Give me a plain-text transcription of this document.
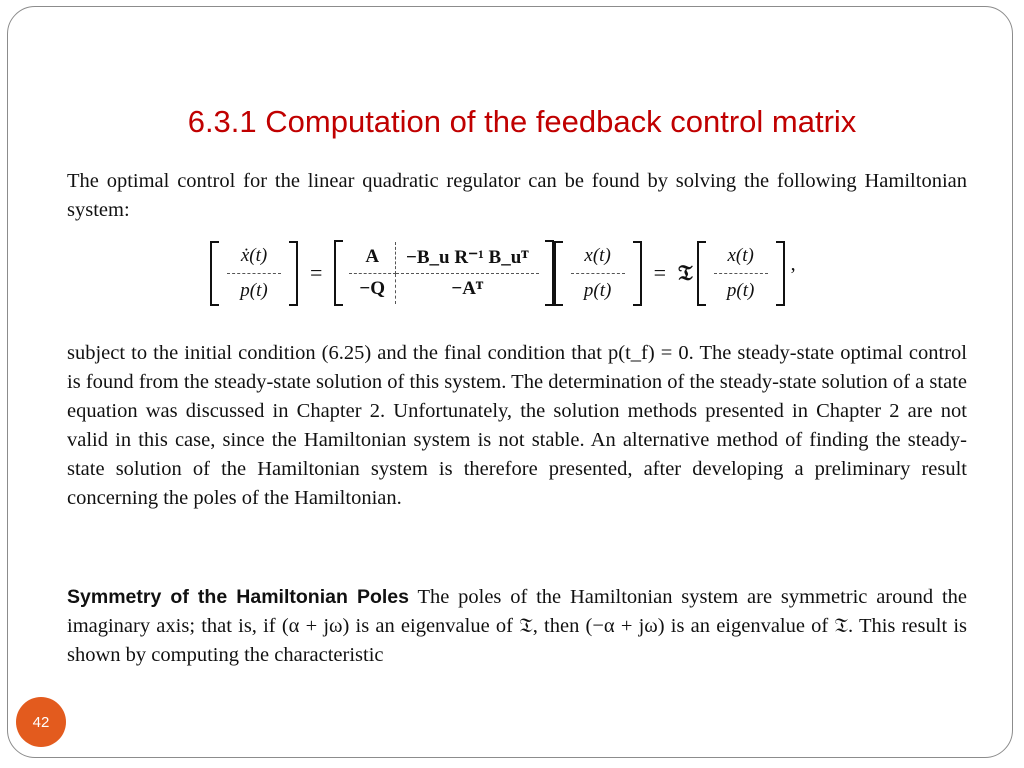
6.3.1 Computation of the feedback control matrix

The optimal control for the linear quadratic regulator can be found by solving the following Hamiltonian system:

ẋ(t)
p(t)
=
A	−B_u R⁻¹ B_uᵀ
−Q	−Aᵀ
x(t)
p(t)
= 𝔗
x(t)
p(t)
,

subject to the initial condition (6.25) and the final condition that p(t_f) = 0. The steady-state optimal control is found from the steady-state solution of this system. The determination of the steady-state solution of a state equation was discussed in Chapter 2. Unfortunately, the solution methods presented in Chapter 2 are not valid in this case, since the Hamiltonian system is not stable. An alternative method of finding the steady-state solution of the Hamiltonian system is therefore presented, after developing a preliminary result concerning the poles of the Hamiltonian.

Symmetry of the Hamiltonian Poles The poles of the Hamiltonian system are symmetric around the imaginary axis; that is, if (α + jω) is an eigenvalue of 𝔗, then (−α + jω) is an eigenvalue of 𝔗. This result is shown by computing the characteristic

42
